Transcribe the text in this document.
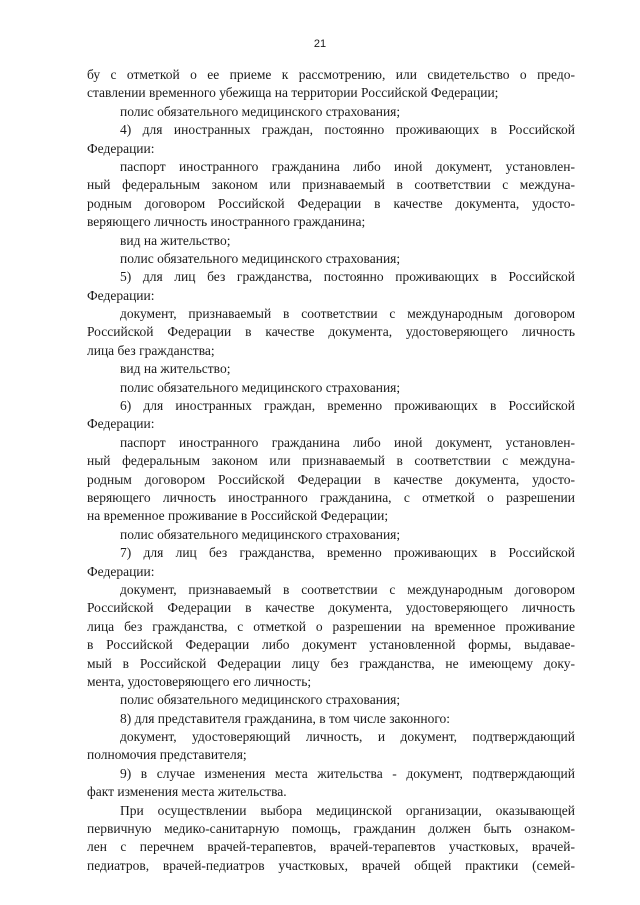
21
бу с отметкой о ее приеме к рассмотрению, или свидетельство о предо-
ставлении временного убежища на территории Российской Федерации;
полис обязательного медицинского страхования;
4) для иностранных граждан, постоянно проживающих в Российской
Федерации:
паспорт иностранного гражданина либо иной документ, установлен-
ный федеральным законом или признаваемый в соответствии с междуна-
родным договором Российской Федерации в качестве документа, удосто-
веряющего личность иностранного гражданина;
вид на жительство;
полис обязательного медицинского страхования;
5) для лиц без гражданства, постоянно проживающих в Российской
Федерации:
документ, признаваемый в соответствии с международным договором
Российской Федерации в качестве документа, удостоверяющего личность
лица без гражданства;
вид на жительство;
полис обязательного медицинского страхования;
6) для иностранных граждан, временно проживающих в Российской
Федерации:
паспорт иностранного гражданина либо иной документ, установлен-
ный федеральным законом или признаваемый в соответствии с междуна-
родным договором Российской Федерации в качестве документа, удосто-
веряющего личность иностранного гражданина, с отметкой о разрешении
на временное проживание в Российской Федерации;
полис обязательного медицинского страхования;
7) для лиц без гражданства, временно проживающих в Российской
Федерации:
документ, признаваемый в соответствии с международным договором
Российской Федерации в качестве документа, удостоверяющего личность
лица без гражданства, с отметкой о разрешении на временное проживание
в Российской Федерации либо документ установленной формы, выдавае-
мый в Российской Федерации лицу без гражданства, не имеющему доку-
мента, удостоверяющего его личность;
полис обязательного медицинского страхования;
8) для представителя гражданина, в том числе законного:
документ, удостоверяющий личность, и документ, подтверждающий
полномочия представителя;
9) в случае изменения места жительства - документ, подтверждающий
факт изменения места жительства.
При осуществлении выбора медицинской организации, оказывающей
первичную медико-санитарную помощь, гражданин должен быть ознаком-
лен с перечнем врачей-терапевтов, врачей-терапевтов участковых, врачей-
педиатров, врачей-педиатров участковых, врачей общей практики (семей-
